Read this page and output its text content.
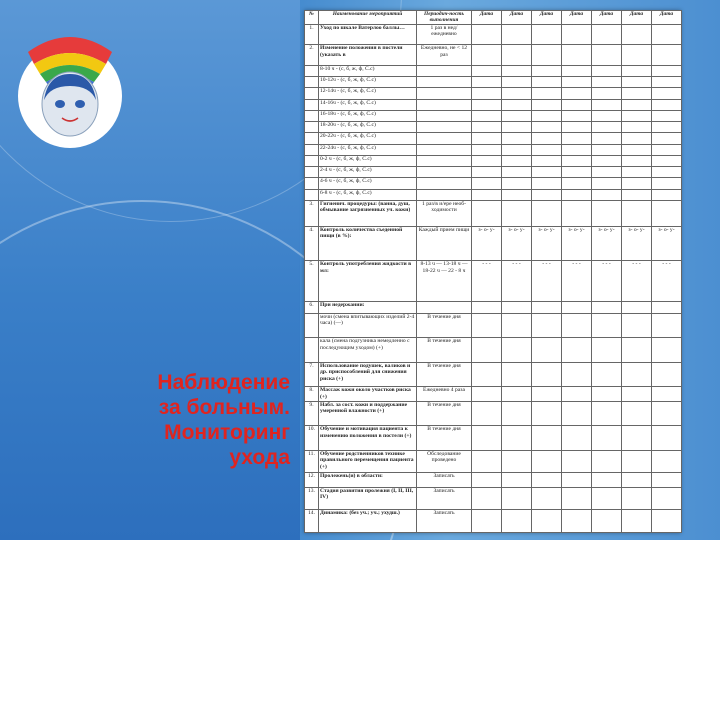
Наблюдение
за больным.
Мониторинг
ухода
№	Наименование мероприятий	Периодич-ность выполнения	Дата	Дата	Дата	Дата	Дата	Дата	Дата
1.	Уход по шкале Ватерлоо баллы…	1 раз в нед/ ежедневно							
2.	Изменение положения в постели (указать в	Ежедневно, не < 12 раз							
	8-10 ч - (с, б, ж, ф, С.с)								
	10-12ч - (с, б, ж, ф, С.с)								
	12-14ч - (с, б, ж, ф, С.с)								
	14-16ч - (с, б, ж, ф, С.с)								
	16-18ч - (с, б, ж, ф, С.с)								
	18-20ч - (с, б, ж, ф, С.с)								
	20-22ч - (с, б, ж, ф, С.с)								
	22-24ч - (с, б, ж, ф, С.с)								
	0-2 ч - (с, б, ж, ф, С.с)								
	2-4 ч - (с, б, ж, ф, С.с)								
	4-6 ч - (с, б, ж, ф, С.с)								
	6-8 ч - (с, б, ж, ф, С.с)								
3.	Гигиенич. процедуры: (ванна, душ, обмывание загрязненных уч. кожи)	1 раз/в и/ере необ-ходимости							
4.	Контроль количества съеденной пищи (в %):	Каждый прием пищи	з- о- у-	з- о- у-	з- о- у-	з- о- у-	з- о- у-	з- о- у-	з- о- у-
5.	Контроль употребления жидкости в мл:	8-13 ч — 13-18 ч — 18-22 ч — 22 - 8 ч	- - -	- - -	- - -	- - -	- - -	- - -	- - -
6.	При недержании:								
	мочи (смена впитывающих изделий 2-4 часа) (—)	В течение дня							
	кала (смена подгузника немедленно с последующим уходом) (+)	В течение дня							
7.	Использование подушек, валиков и др. приспособлений для снижения риска (+)	В течение дня							
8.	Массаж кожи около участков риска (+)	Ежедневно 4 раза							
9.	Набл. за сост. кожи и поддержание умеренной влажности (+)	В течение дня							
10.	Обучение и мотивация пациента к изменению положения в постели (+)	В течение дня							
11.	Обучение родственников технике правильного перемещения пациента (+)	Обследование проведено							
12.	Пролежень(и) в области:	Записать							
13.	Стадия развития пролежня (I, II, III, IV)	Записать							
14.	Динамика: (без уч.; уч.; ухудш.)	Записать							
